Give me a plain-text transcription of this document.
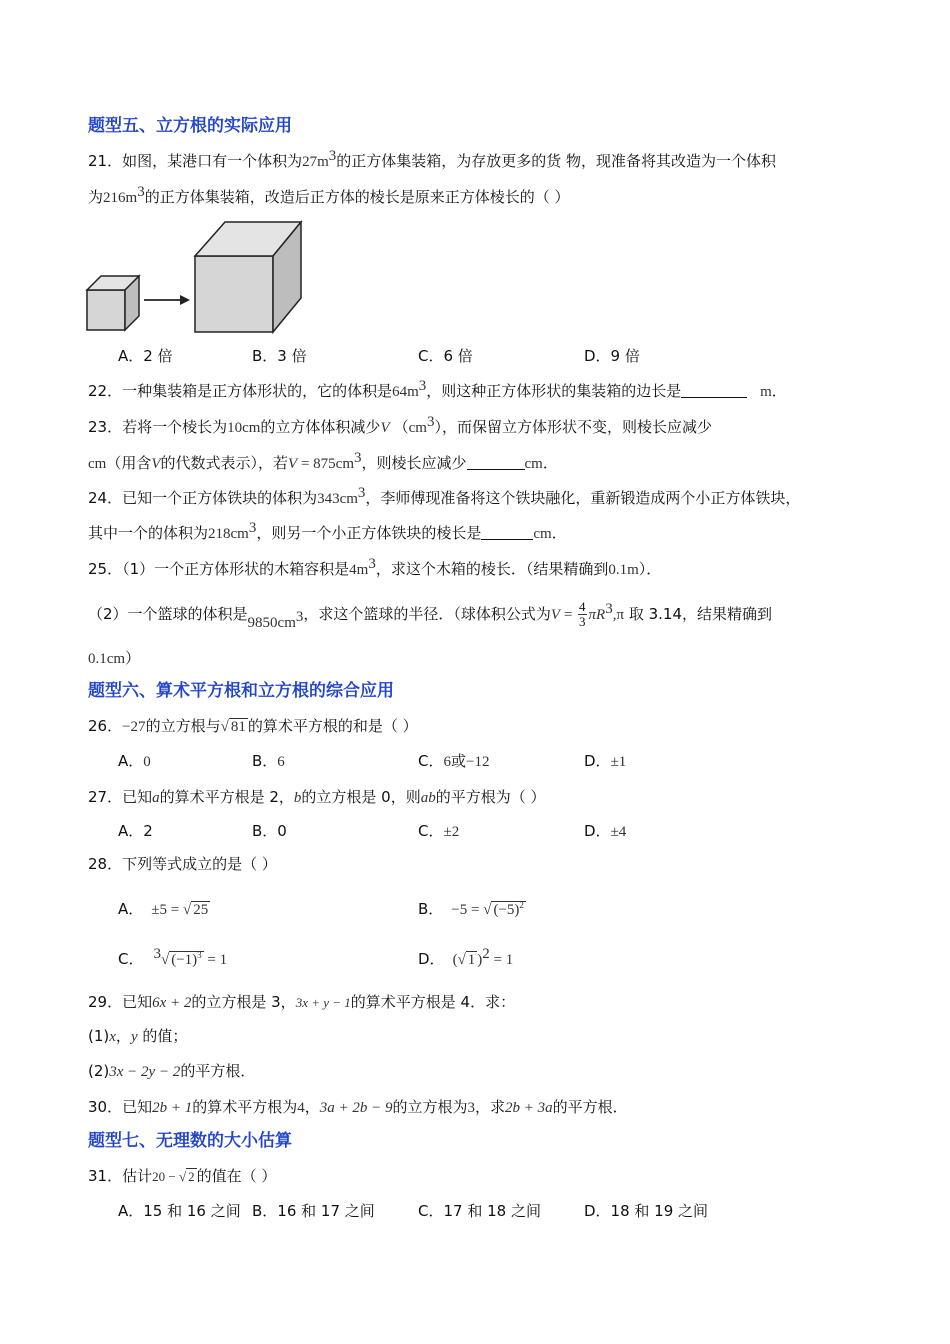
题型五、立方根的实际应用
21．如图，某港口有一个体积为$27m^3$的正方体集装箱，为存放更多的货 物，现准备将其改造为一个体积
为$216m^3$的正方体集装箱，改造后正方体的棱长是原来正方体棱长的（ ）
A．2 倍	B．3 倍	C．6 倍	D．9 倍
22．一种集装箱是正方体形状的，它的体积是$64m^3$，则这种正方体形状的集装箱的边长是	m．
23．若将一个棱长为10cm的立方体体积减少V $(cm^3)$，而保留立方体形状不变，则棱长应减少
cm（用含V的代数式表示），若$V = 875cm^3$，则棱长应减少	cm．
24．已知一个正方体铁块的体积为$343cm^3$，李师傅现准备将这个铁块融化，重新锻造成两个小正方体铁块，
其中一个的体积为$218cm^3$，则另一个小正方体铁块的棱长是	cm．
25．（1）一个正方体形状的木箱容积是$4m^3$，求这个木箱的棱长．（结果精确到0.1m）．
（2）一个篮球的体积是$9850cm^3$，求这个篮球的半径．（球体积公式为$V = \frac{4}{3} \pi R^3,\pi$ 取 3.14，结果精确到
0.1cm）
题型六、算术平方根和立方根的综合应用
26．−27的立方根与√ 81 的算术平方根的和是（ ）
A．0	B．6	C．6或−12	D．±1
27．已知a的算术平方根是 2，b的立方根是 0，则ab的平方根为（ ）
A．2	B．0	C．±2	D．±4
28．下列等式成立的是（ ）
A． ±5 = √ 25	B． −5 = √ $(-5)^2$
C． $^3$√ $(-1)^3 = 1$	D． (√ 1 )$^2$ = 1
29．已知6x + 2的立方根是 3，3x + y − 1的算术平方根是 4．求：
(1)x，y 的值；
(2)3x − 2y − 2的平方根．
30．已知2b + 1的算术平方根为4，3a + 2b − 9的立方根为3，求2b + 3a的平方根．
题型七、无理数的大小估算
31．估计20 − √ 2 的值在（ ）
A．15 和 16 之间 B．16 和 17 之间	C．17 和 18 之间	D．18 和 19 之间
